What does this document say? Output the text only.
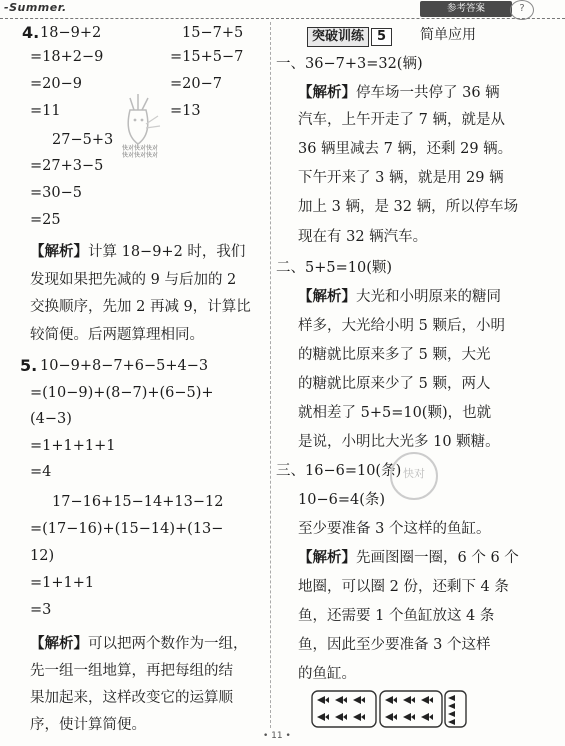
-Summer.	参考答案	?
4. 18−9+2
=18+2−9
=20−9
=11
15−7+5
=15+5−7
=20−7
=13
快对快对快对
快对快对快对
27−5+3
=27+3−5
=30−5
=25
【解析】计算 18−9+2 时，我们
发现如果把先减的 9 与后加的 2
交换顺序，先加 2 再减 9，计算比
较简便。后两题算理相同。
5. 10−9+8−7+6−5+4−3
=(10−9)+(8−7)+(6−5)+
(4−3)
=1+1+1+1
=4
17−16+15−14+13−12
=(17−16)+(15−14)+(13−
12)
=1+1+1
=3
【解析】可以把两个数作为一组，
先一组一组地算，再把每组的结
果加起来，这样改变它的运算顺
序，使计算简便。
突破训练 5	简单应用
一、36−7+3=32(辆)
【解析】停车场一共停了 36 辆
汽车，上午开走了 7 辆，就是从
36 辆里减去 7 辆，还剩 29 辆。
下午开来了 3 辆，就是用 29 辆
加上 3 辆，是 32 辆，所以停车场
现在有 32 辆汽车。
二、5+5=10(颗)
【解析】大光和小明原来的糖同
样多，大光给小明 5 颗后，小明
的糖就比原来多了 5 颗，大光
的糖就比原来少了 5 颗，两人
就相差了 5+5=10(颗)，也就
是说，小明比大光多 10 颗糖。
三、16−6=10(条) 快对
10−6=4(条)
至少要准备 3 个这样的鱼缸。
【解析】先画图圈一圈，6 个 6 个
地圈，可以圈 2 份，还剩下 4 条
鱼，还需要 1 个鱼缸放这 4 条
鱼，因此至少要准备 3 个这样
的鱼缸。
• 11 •
